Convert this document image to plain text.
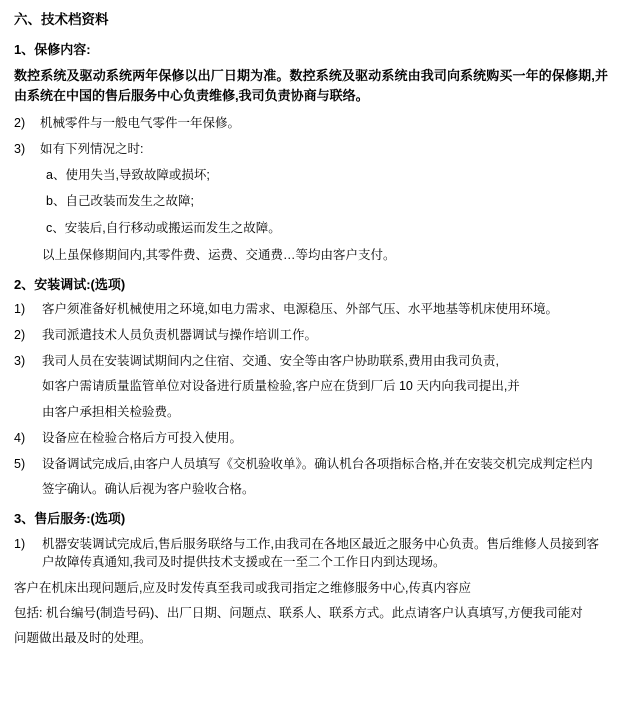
六、技术档资料
1、保修内容:
数控系统及驱动系统两年保修以出厂日期为准。数控系统及驱动系统由我司向系统购买一年的保修期,并由系统在中国的售后服务中心负责维修,我司负责协商与联络。
2)	机械零件与一般电气零件一年保修。
3)	如有下列情况之时:
a、使用失当,导致故障或损坏;
b、自己改装而发生之故障;
c、安装后,自行移动或搬运而发生之故障。
以上虽保修期间内,其零件费、运费、交通费…等均由客户支付。
2、安装调试:(选项)
1)	客户须准备好机械使用之环境,如电力需求、电源稳压、外部气压、水平地基等机床使用环境。
2)	我司派遣技术人员负责机器调试与操作培训工作。
3)	我司人员在安装调试期间内之住宿、交通、安全等由客户协助联系,费用由我司负责,
如客户需请质量监管单位对设备进行质量检验,客户应在货到厂后 10 天内向我司提出,并
由客户承担相关检验费。
4)	设备应在检验合格后方可投入使用。
5)	设备调试完成后,由客户人员填写《交机验收单》。确认机台各项指标合格,并在安装交机完成判定栏内
签字确认。确认后视为客户验收合格。
3、售后服务:(选项)
1)	机器安装调试完成后,售后服务联络与工作,由我司在各地区最近之服务中心负责。售后维修人员接到客户故障传真通知,我司及时提供技术支援或在一至二个工作日内到达现场。
客户在机床出现问题后,应及时发传真至我司或我司指定之维修服务中心,传真内容应
包括: 机台编号(制造号码)、出厂日期、问题点、联系人、联系方式。此点请客户认真填写,方便我司能对
问题做出最及时的处理。
